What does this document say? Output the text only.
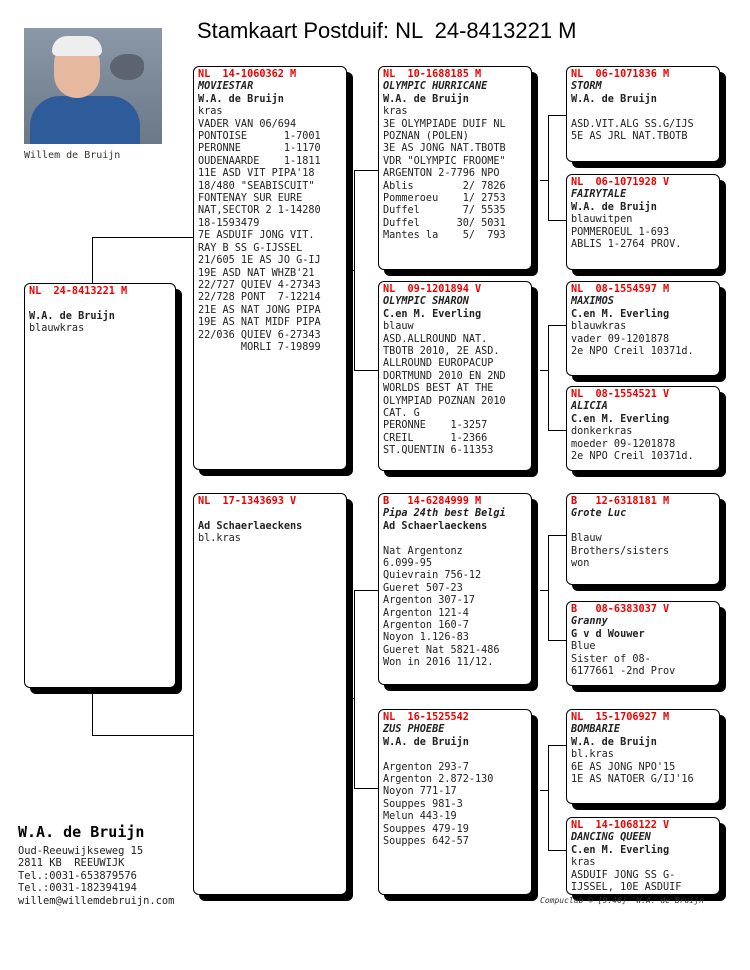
Stamkaart Postduif: NL  24-8413221 M
Willem de Bruijn
NL  24-8413221 M
W.A. de Bruijn
blauwkras
NL  14-1060362 M
MOVIESTAR
W.A. de Bruijn
kras
VADER VAN 06/694
PONTOISE      1-7001
PERONNE       1-1170
OUDENAARDE    1-1811
11E ASD VIT PIPA'18
18/480 "SEABISCUIT"
FONTENAY SUR EURE
NAT,SECTOR 2 1-14280
18-1593479
7E ASDUIF JONG VIT.
RAY B SS G-IJSSEL
21/605 1E AS JO G-IJ
19E ASD NAT WHZB'21
22/727 QUIEV 4-27343
22/728 PONT  7-12214
21E AS NAT JONG PIPA
19E AS NAT MIDF PIPA
22/036 QUIEV 6-27343
MORLI 7-19899
NL  17-1343693 V
Ad Schaerlaeckens
bl.kras
NL  10-1688185 M
OLYMPIC HURRICANE
W.A. de Bruijn
kras
3E OLYMPIADE DUIF NL
POZNAN (POLEN)
3E AS JONG NAT.TBOTB
VDR "OLYMPIC FROOME"
ARGENTON 2-7796 NPO
Ablis        2/ 7826
Pommeroeu    1/ 2753
Duffel       7/ 5535
Duffel      30/ 5031
Mantes la    5/  793
NL  09-1201894 V
OLYMPIC SHARON
C.en M. Everling
blauw
ASD.ALLROUND NAT.
TBOTB 2010, 2E ASD.
ALLROUND EUROPACUP
DORTMUND 2010 EN 2ND
WORLDS BEST AT THE
OLYMPIAD POZNAN 2010
CAT. G
PERONNE    1-3257
CREIL      1-2366
ST.QUENTIN 6-11353
B   14-6284999 M
Pipa 24th best Belgi
Ad Schaerlaeckens
Nat Argentonz
6.099-95
Quievrain 756-12
Gueret 507-23
Argenton 307-17
Argenton 121-4
Argenton 160-7
Noyon 1.126-83
Gueret Nat 5821-486
Won in 2016 11/12.
NL  16-1525542
ZUS PHOEBE
W.A. de Bruijn
Argenton 293-7
Argenton 2.872-130
Noyon 771-17
Souppes 981-3
Melun 443-19
Souppes 479-19
Souppes 642-57
NL  06-1071836 M
STORM
W.A. de Bruijn
ASD.VIT.ALG SS.G/IJS
5E AS JRL NAT.TBOTB
NL  06-1071928 V
FAIRYTALE
W.A. de Bruijn
blauwitpen
POMMEROEUL 1-693
ABLIS 1-2764 PROV.
NL  08-1554597 M
MAXIMOS
C.en M. Everling
blauwkras
vader 09-1201878
2e NPO Creil 10371d.
NL  08-1554521 V
ALICIA
C.en M. Everling
donkerkras
moeder 09-1201878
2e NPO Creil 10371d.
B   12-6318181 M
Grote Luc
Blauw
Brothers/sisters
won
B   08-6383037 V
Granny
G v d Wouwer
Blue
Sister of 08-
6177661 -2nd Prov
NL  15-1706927 M
BOMBARIE
W.A. de Bruijn
bl.kras
6E AS JONG NPO'15
1E AS NATOER G/IJ'16
NL  14-1068122 V
DANCING QUEEN
C.en M. Everling
kras
ASDUIF JONG SS G-
IJSSEL, 10E ASDUIF
Compuclub © [9.46]  W.A. de Bruijn
W.A. de Bruijn
Oud-Reeuwijkseweg 15
2811 KB  REEUWIJK
Tel.:0031-653879576
Tel.:0031-182394194
willem@willemdebruijn.com
